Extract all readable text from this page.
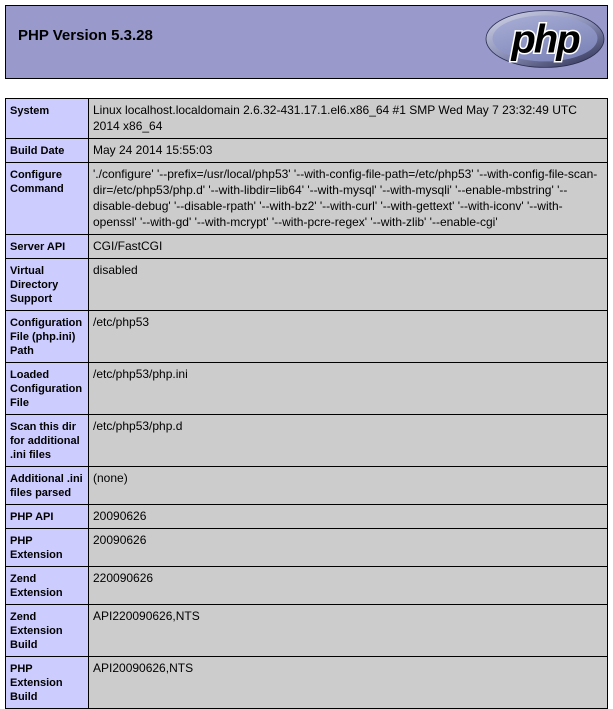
PHP Version 5.3.28	php
System	Linux localhost.localdomain 2.6.32-431.17.1.el6.x86_64 #1 SMP Wed May 7 23:32:49 UTC 2014 x86_64
Build Date	May 24 2014 15:55:03
Configure Command	'./configure' '--prefix=/usr/local/php53' '--with-config-file-path=/etc/php53' '--with-config-file-scan-dir=/etc/php53/php.d' '--with-libdir=lib64' '--with-mysql' '--with-mysqli' '--enable-mbstring' '--disable-debug' '--disable-rpath' '--with-bz2' '--with-curl' '--with-gettext' '--with-iconv' '--with-openssl' '--with-gd' '--with-mcrypt' '--with-pcre-regex' '--with-zlib' '--enable-cgi'
Server API	CGI/FastCGI
Virtual Directory Support	disabled
Configuration File (php.ini) Path	/etc/php53
Loaded Configuration File	/etc/php53/php.ini
Scan this dir for additional .ini files	/etc/php53/php.d
Additional .ini files parsed	(none)
PHP API	20090626
PHP Extension	20090626
Zend Extension	220090626
Zend Extension Build	API220090626,NTS
PHP Extension Build	API20090626,NTS
